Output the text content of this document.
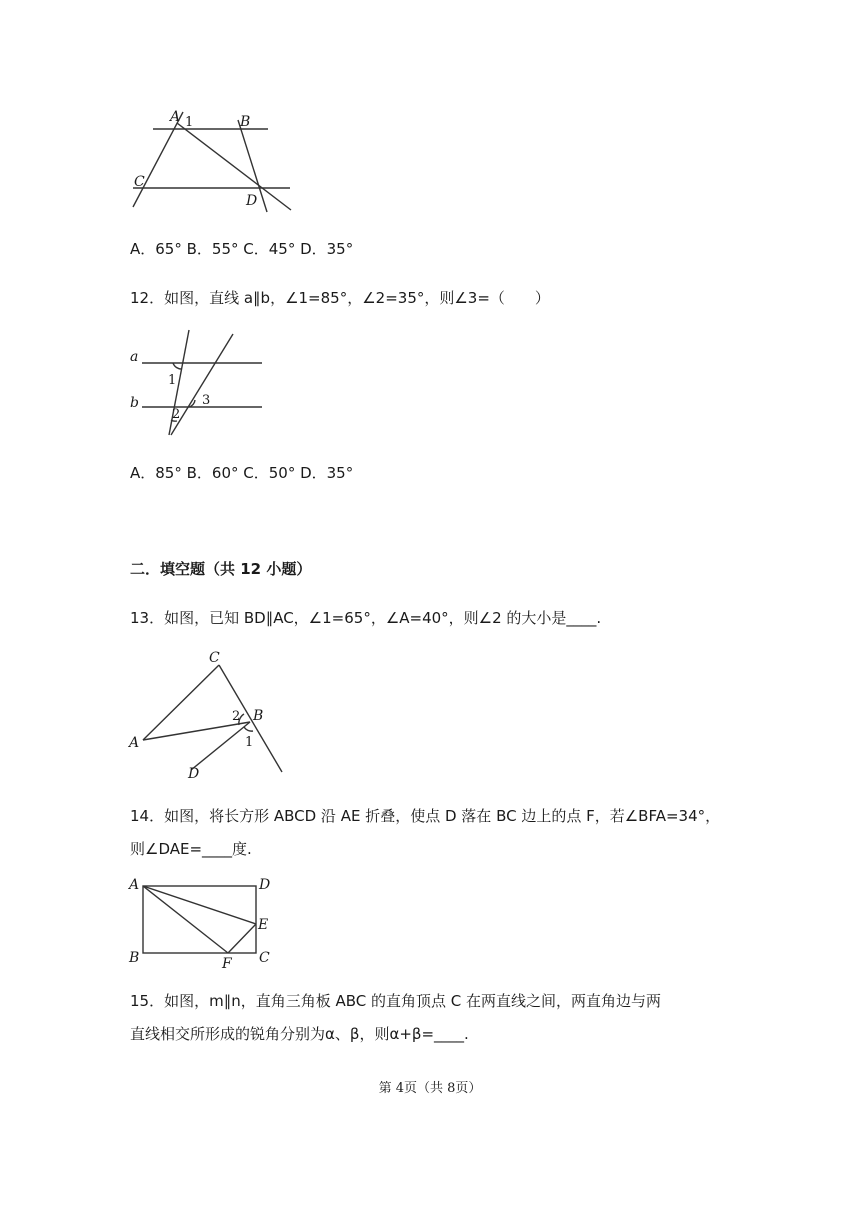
A 1	B
C
D
A．65° B．55° C．45° D．35°
12．如图，直线 a∥b，∠1=85°，∠2=35°，则∠3=（　　）
a
b
1
2
3
A．85° B．60° C．50° D．35°
二．填空题（共 12 小题）
13．如图，已知 BD∥AC，∠1=65°，∠A=40°，则∠2 的大小是____.
C
B
A
D
1
2
14．如图，将长方形 ABCD 沿 AE 折叠，使点 D 落在 BC 边上的点 F，若∠BFA=34°，
则∠DAE=____度.
A	D
E
B	F C
15．如图，m∥n，直角三角板 ABC 的直角顶点 C 在两直线之间，两直角边与两
直线相交所形成的锐角分别为α、β，则α+β=____.
第 4页（共 8页）
